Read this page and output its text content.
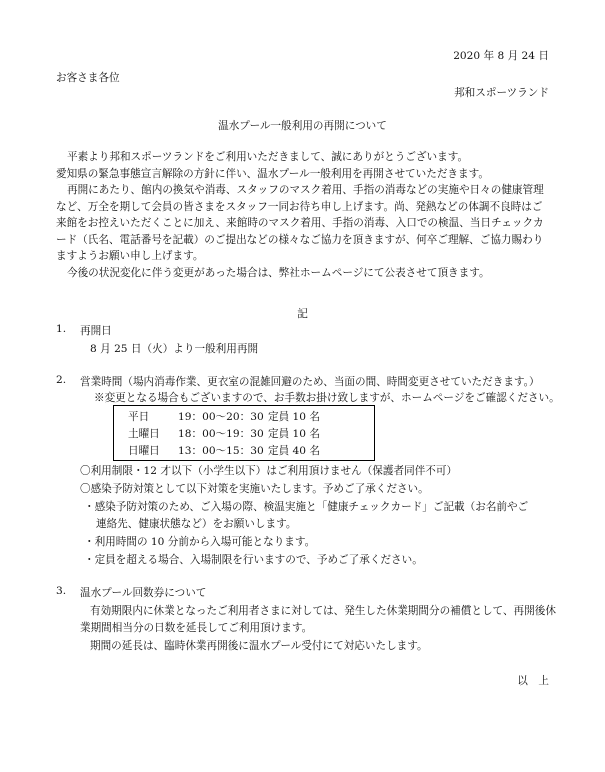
2020 年 8 月 24 日
お客さま各位
邦和スポーツランド
温水プール一般利用の再開について
平素より邦和スポーツランドをご利用いただきまして、誠にありがとうございます。
愛知県の緊急事態宣言解除の方針に伴い、温水プール一般利用を再開させていただきます。
再開にあたり、館内の換気や消毒、スタッフのマスク着用、手指の消毒などの実施や日々の健康管理
など、万全を期して会員の皆さまをスタッフ一同お待ち申し上げます。尚、発熱などの体調不良時はご
来館をお控えいただくことに加え、来館時のマスク着用、手指の消毒、入口での検温、当日チェックカ
ード（氏名、電話番号を記載）のご提出などの様々なご協力を頂きますが、何卒ご理解、ご協力賜わり
ますようお願い申し上げます。
今後の状況変化に伴う変更があった場合は、弊社ホームページにて公表させて頂きます。
記
1. 再開日
8 月 25 日（火）より一般利用再開
2. 営業時間（場内消毒作業、更衣室の混雑回避のため、当面の間、時間変更させていただきます。）
※変更となる場合もございますので、お手数お掛け致しますが、ホームページをご確認ください。
平日	19：00～20：30 定員 10 名
土曜日 18：00～19：30 定員 10 名
日曜日 13：00～15：30 定員 40 名
〇利用制限・12 才以下（小学生以下）はご利用頂けません（保護者同伴不可）
〇感染予防対策として以下対策を実施いたします。予めご了承ください。
・感染予防対策のため、ご入場の際、検温実施と「健康チェックカード」ご記載（お名前やご
連絡先、健康状態など）をお願いします。
・利用時間の 10 分前から入場可能となります。
・定員を超える場合、入場制限を行いますので、予めご了承ください。
3. 温水プール回数券について
有効期限内に休業となったご利用者さまに対しては、発生した休業期間分の補償として、再開後休
業期間相当分の日数を延長してご利用頂けます。
期間の延長は、臨時休業再開後に温水プール受付にて対応いたします。
以　上
